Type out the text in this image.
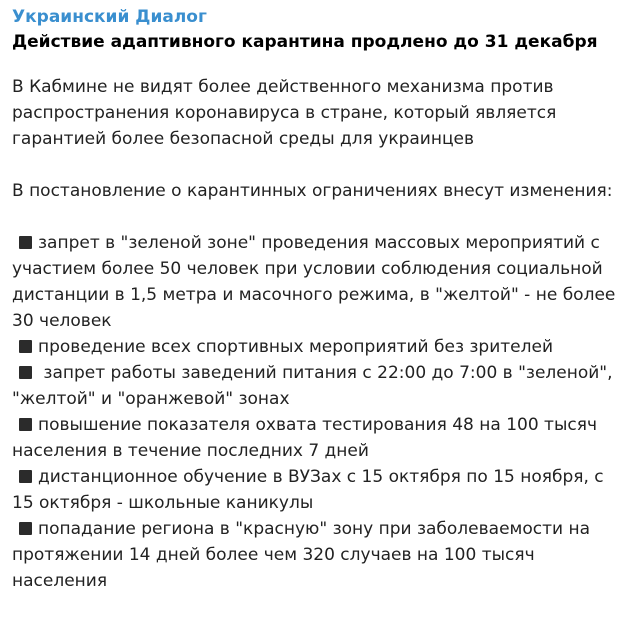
Украинский Диалог
Действие адаптивного карантина продлено до 31 декабря

В Кабмине не видят более действенного механизма против распространения коронавируса в стране, который является гарантией более безопасной среды для украинцев

В постановление о карантинных ограничениях внесут изменения:

запрет в "зеленой зоне" проведения массовых мероприятий с участием более 50 человек при условии соблюдения социальной дистанции в 1,5 метра и масочного режима, в "желтой" - не более 30 человек
проведение всех спортивных мероприятий без зрителей
запрет работы заведений питания с 22:00 до 7:00 в "зеленой", "желтой" и "оранжевой" зонах
повышение показателя охвата тестирования 48 на 100 тысяч населения в течение последних 7 дней
дистанционное обучение в ВУЗах с 15 октября по 15 ноября, с 15 октября - школьные каникулы
попадание региона в "красную" зону при заболеваемости на протяжении 14 дней более чем 320 случаев на 100 тысяч населения
